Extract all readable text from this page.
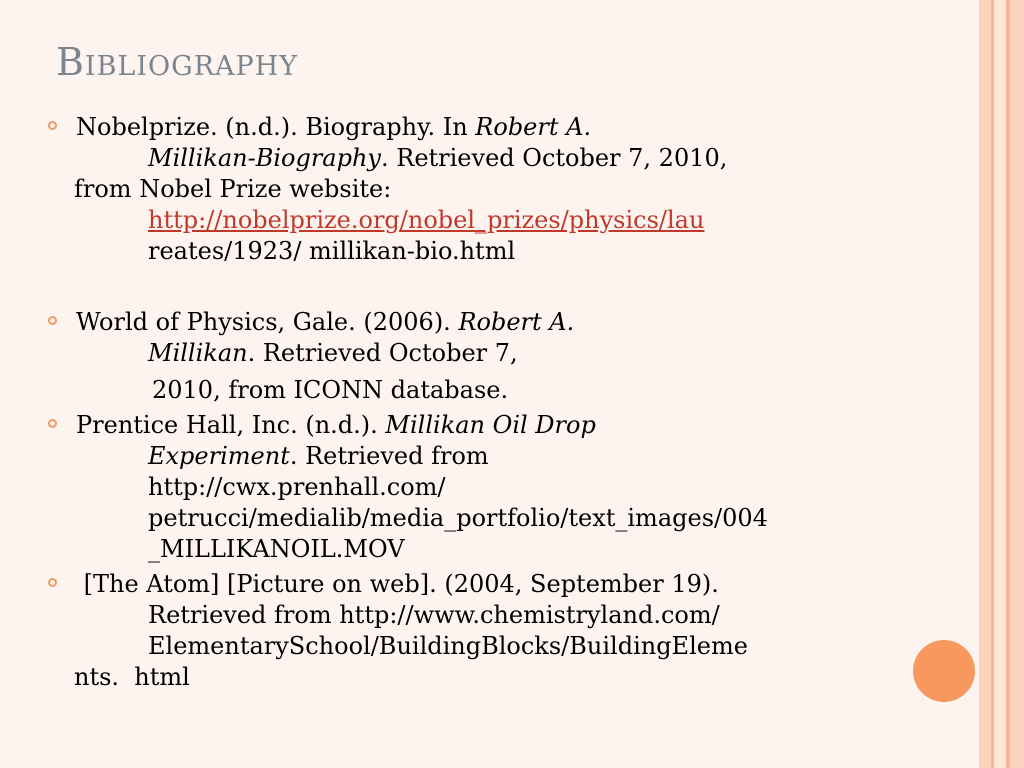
Bibliography
Nobelprize. (n.d.). Biography. In Robert A.
Millikan-Biography. Retrieved October 7, 2010,
from Nobel Prize website:
http://nobelprize.org/nobel_prizes/physics/lau
reates/1923/ millikan-bio.html
World of Physics, Gale. (2006). Robert A.
Millikan. Retrieved October 7,
2010, from ICONN database.
Prentice Hall, Inc. (n.d.). Millikan Oil Drop
Experiment. Retrieved from
http://cwx.prenhall.com/
petrucci/medialib/media_portfolio/text_images/004
_MILLIKANOIL.MOV
[The Atom] [Picture on web]. (2004, September 19).
Retrieved from http://www.chemistryland.com/
ElementarySchool/BuildingBlocks/BuildingEleme
nts.  html
